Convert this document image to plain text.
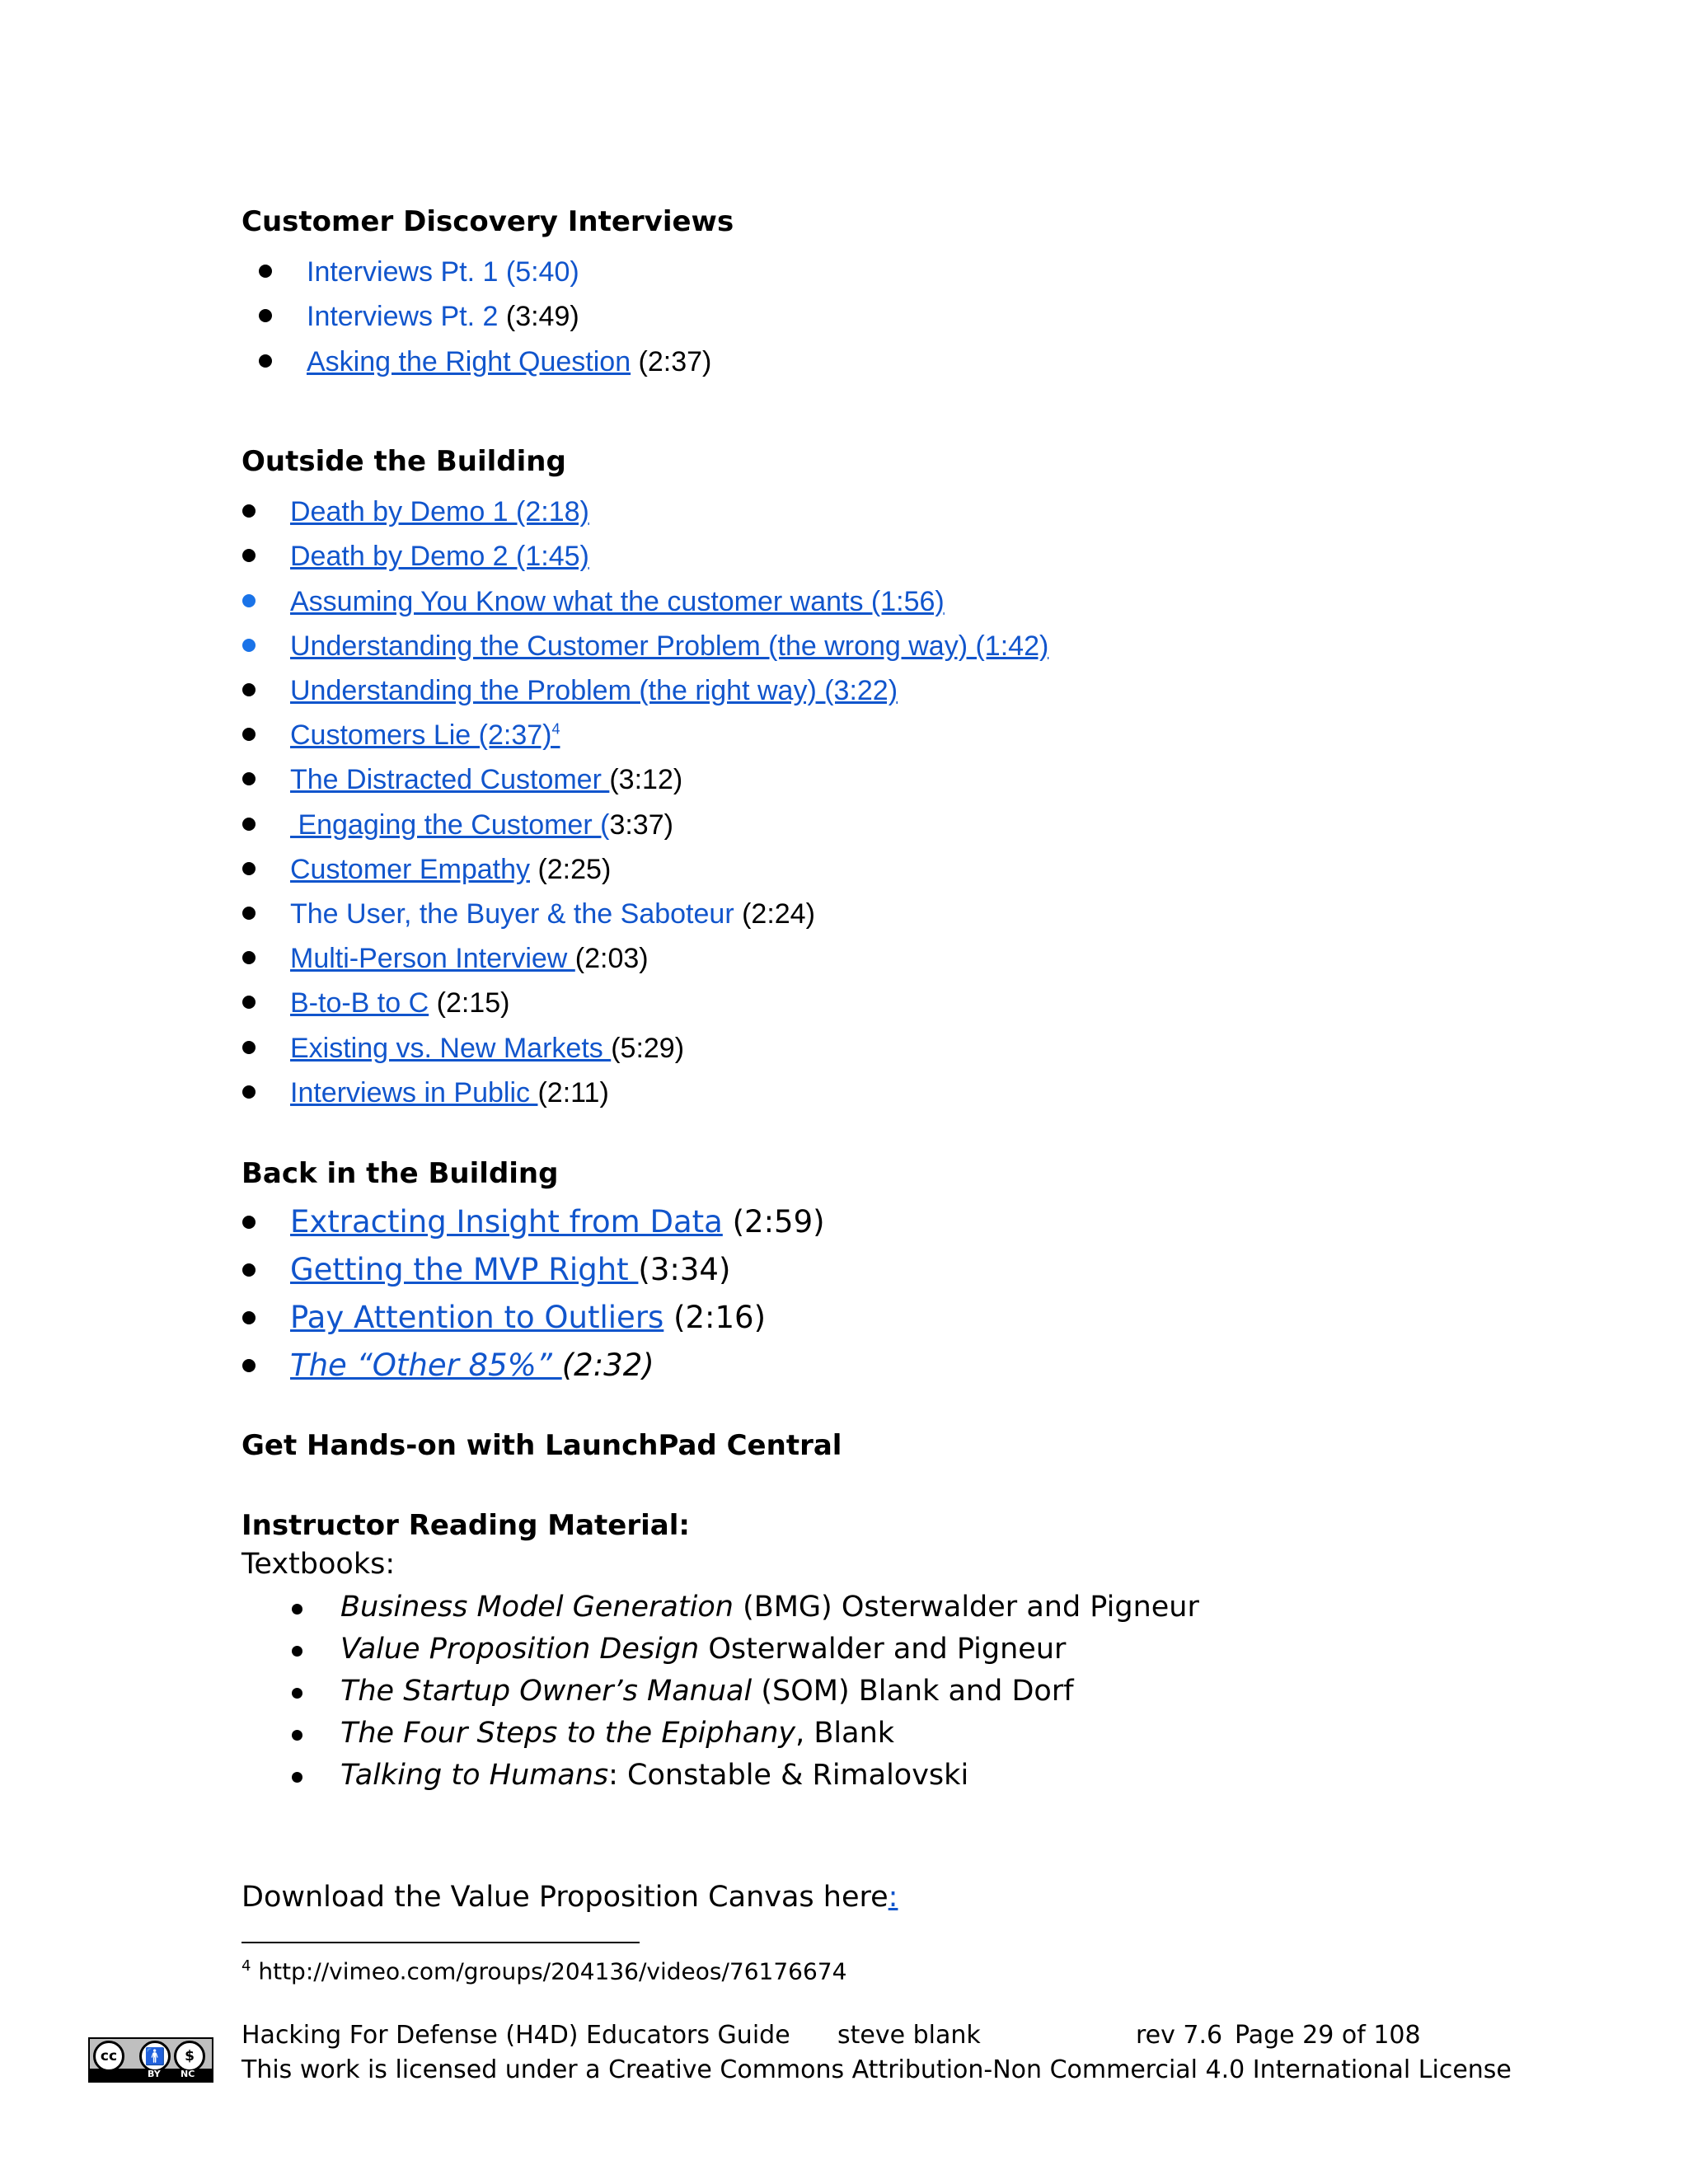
Customer Discovery Interviews
Interviews Pt. 1 (5:40)
Interviews Pt. 2 (3:49)
Asking the Right Question (2:37)
Outside the Building
Death by Demo 1 (2:18)
Death by Demo 2 (1:45)
Assuming You Know what the customer wants (1:56)
Understanding the Customer Problem (the wrong way) (1:42)
Understanding the Problem (the right way) (3:22)
Customers Lie (2:37)$^4$
The Distracted Customer (3:12)
Engaging the Customer (3:37)
Customer Empathy (2:25)
The User, the Buyer & the Saboteur (2:24)
Multi-Person Interview (2:03)
B-to-B to C (2:15)
Existing vs. New Markets (5:29)
Interviews in Public (2:11)
Back in the Building
Extracting Insight from Data (2:59)
Getting the MVP Right (3:34)
Pay Attention to Outliers (2:16)
The “Other 85%” (2:32)
Get Hands-on with LaunchPad Central
Instructor Reading Material:
Textbooks:
Business Model Generation (BMG) Osterwalder and Pigneur
Value Proposition Design Osterwalder and Pigneur
The Startup Owner’s Manual (SOM) Blank and Dorf
The Four Steps to the Epiphany, Blank
Talking to Humans: Constable & Rimalovski
Download the Value Proposition Canvas here:
$^4$ http://vimeo.com/groups/204136/videos/76176674
cc	🚹	$
BY NC
Hacking For Defense (H4D) Educators Guide steve blank	rev 7.6 Page 29 of 108
This work is licensed under a Creative Commons Attribution-Non Commercial 4.0 International License
